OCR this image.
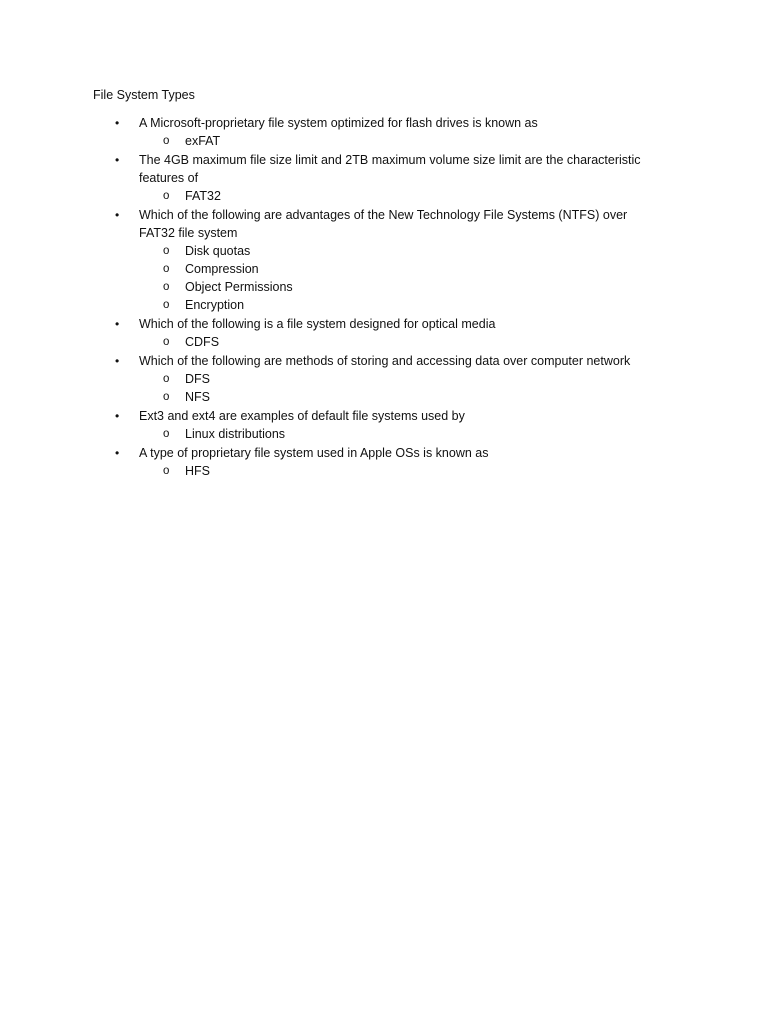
File System Types
• A Microsoft-proprietary file system optimized for flash drives is known as
o exFAT
• The 4GB maximum file size limit and 2TB maximum volume size limit are the characteristic features of
o FAT32
• Which of the following are advantages of the New Technology File Systems (NTFS) over FAT32 file system
o Disk quotas
o Compression
o Object Permissions
o Encryption
• Which of the following is a file system designed for optical media
o CDFS
• Which of the following are methods of storing and accessing data over computer network
o DFS
o NFS
• Ext3 and ext4 are examples of default file systems used by
o Linux distributions
• A type of proprietary file system used in Apple OSs is known as
o HFS
